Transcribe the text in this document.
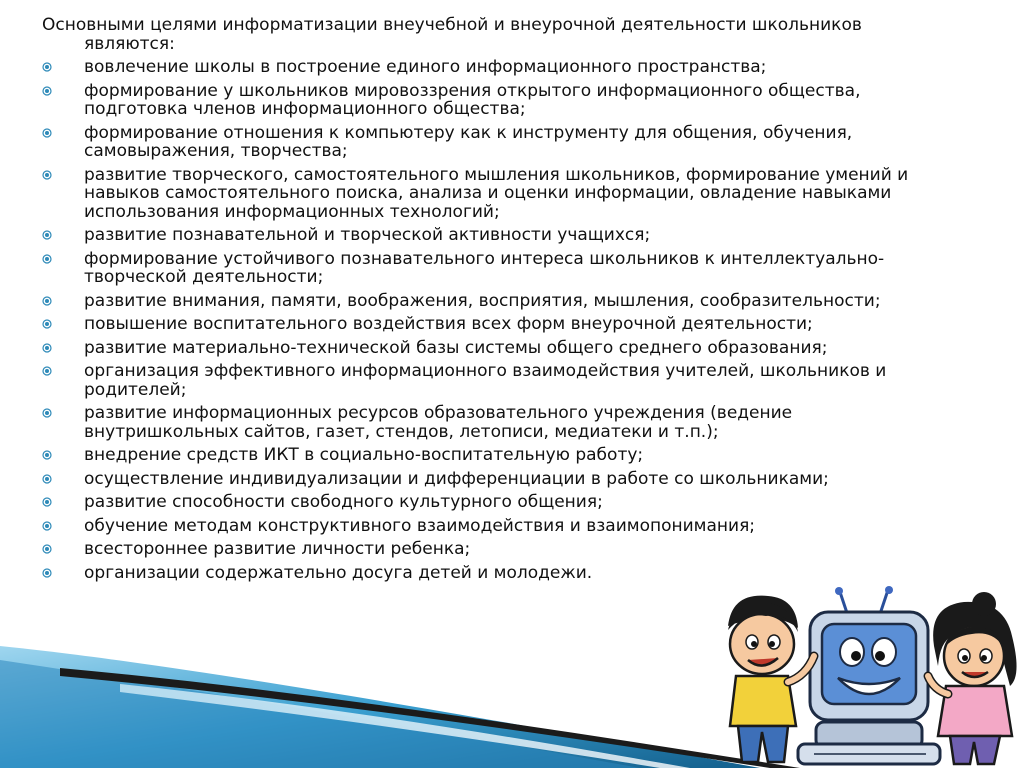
Основными целями информатизации внеучебной и внеурочной деятельности школьников являются:

вовлечение школы в построение единого информационного пространства;
формирование у школьников мировоззрения открытого информационного общества, подготовка членов информационного общества;
формирование отношения к компьютеру как к инструменту для общения, обучения, самовыражения, творчества;
развитие творческого, самостоятельного мышления школьников, формирование умений и навыков самостоятельного поиска, анализа и оценки информации, овладение навыками использования информационных технологий;
развитие познавательной и творческой активности учащихся;
формирование устойчивого познавательного интереса школьников к интеллектуально-творческой деятельности;
развитие внимания, памяти, воображения, восприятия, мышления, сообразительности;
повышение воспитательного воздействия всех форм внеурочной деятельности;
развитие материально-технической базы системы общего среднего образования;
организация эффективного информационного взаимодействия учителей, школьников и родителей;
развитие информационных ресурсов образовательного учреждения (ведение внутришкольных сайтов, газет, стендов, летописи, медиатеки и т.п.);
внедрение средств ИКТ в социально-воспитательную работу;
осуществление индивидуализации и дифференциации в работе со школьниками;
развитие способности свободного культурного общения;
обучение методам конструктивного взаимодействия и взаимопонимания;
всестороннее развитие личности ребенка;
организации содержательно досуга детей и молодежи.
